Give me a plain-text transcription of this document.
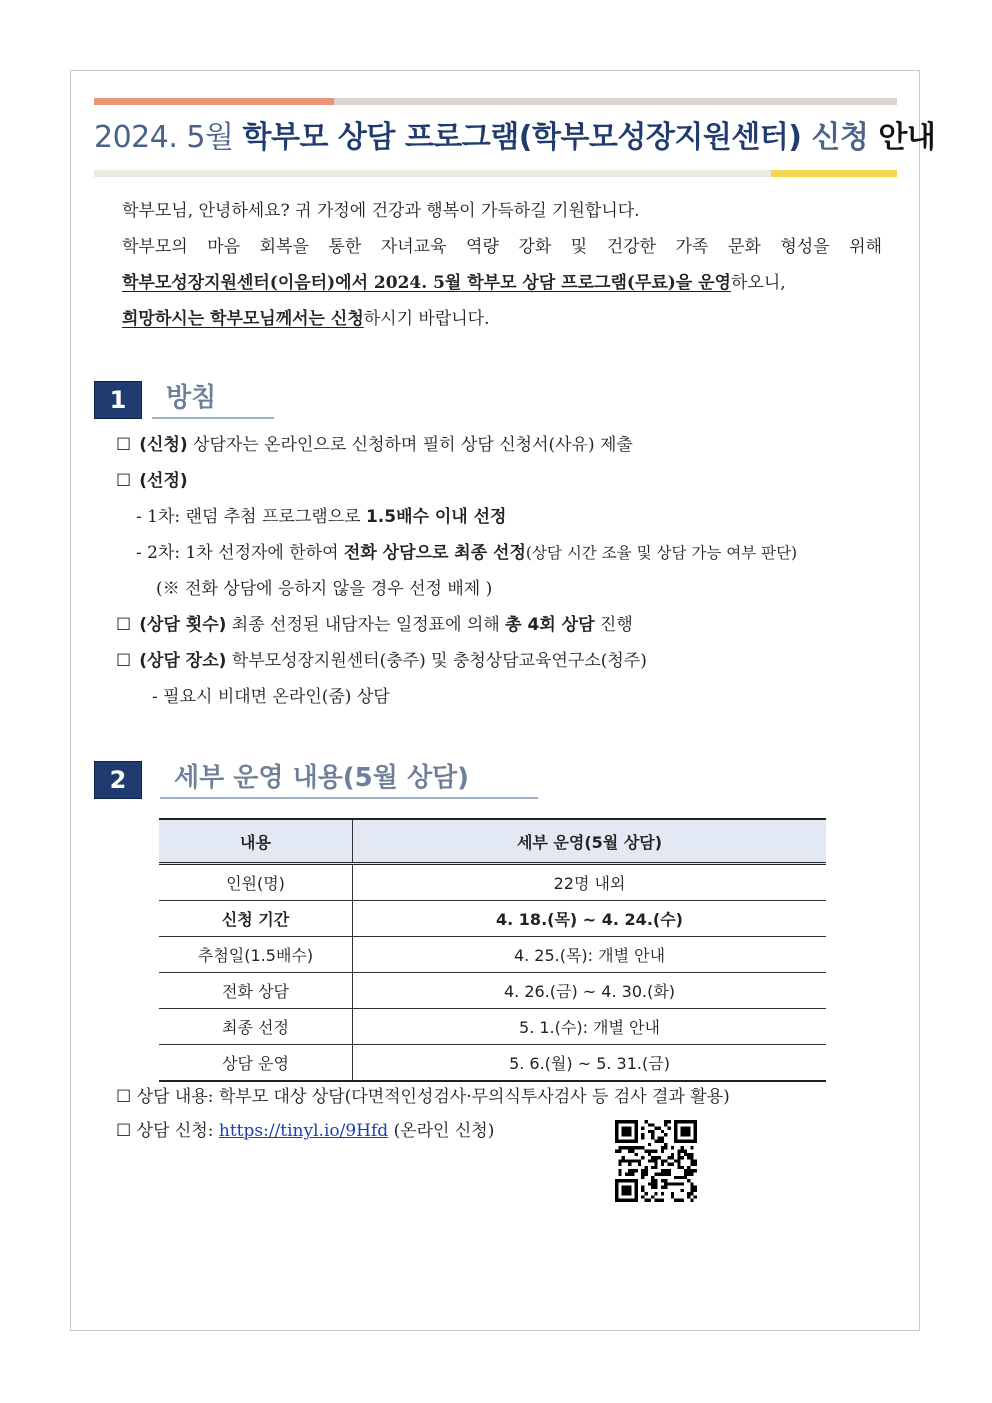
2024. 5월 학부모 상담 프로그램(학부모성장지원센터) 신청 안내

학부모님, 안녕하세요? 귀 가정에 건강과 행복이 가득하길 기원합니다.

학부모의 마음 회복을 통한 자녀교육 역량 강화 및 건강한 가족 문화 형성을 위해

학부모성장지원센터(이음터)에서 2024. 5월 학부모 상담 프로그램(무료)을 운영하오니,

희망하시는 학부모님께서는 신청하시기 바랍니다.

1	방침
☐ (신청) 상담자는 온라인으로 신청하며 필히 상담 신청서(사유) 제출
☐ (선정)
- 1차: 랜덤 추첨 프로그램으로 1.5배수 이내 선정
- 2차: 1차 선정자에 한하여 전화 상담으로 최종 선정(상담 시간 조율 및 상담 가능 여부 판단)
(※ 전화 상담에 응하지 않을 경우 선정 배제 )
☐ (상담 횟수) 최종 선정된 내담자는 일정표에 의해 총 4회 상담 진행
☐ (상담 장소) 학부모성장지원센터(충주) 및 충청상담교육연구소(청주)
- 필요시 비대면 온라인(줌) 상담
2	세부 운영 내용(5월 상담)
내용	세부 운영(5월 상담)
인원(명)	22명 내외
신청 기간	4. 18.(목) ~ 4. 24.(수)
추첨일(1.5배수)	4. 25.(목): 개별 안내
전화 상담	4. 26.(금) ~ 4. 30.(화)
최종 선정	5. 1.(수): 개별 안내
상담 운영	5. 6.(월) ~ 5. 31.(금)
☐ 상담 내용: 학부모 대상 상담(다면적인성검사·무의식투사검사 등 검사 결과 활용)
☐ 상담 신청: https://tinyl.io/9Hfd (온라인 신청)
